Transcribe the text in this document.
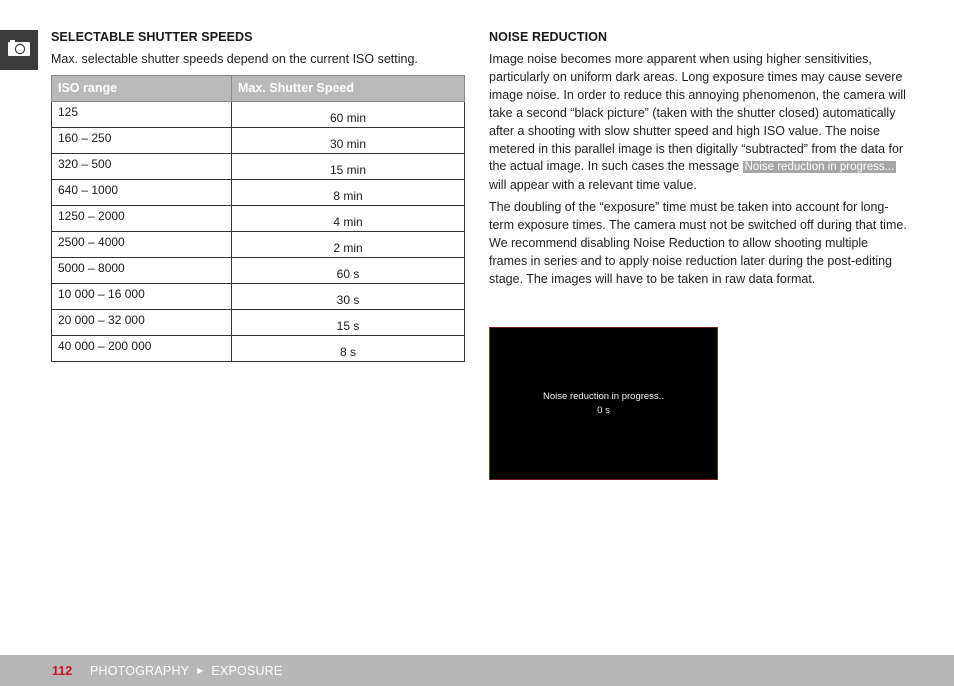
SELECTABLE SHUTTER SPEEDS

Max. selectable shutter speeds depend on the current ISO setting.

ISO range	Max. Shutter Speed
125	60 min
160 – 250	30 min
320 – 500	15 min
640 – 1000	8 min
1250 – 2000	4 min
2500 – 4000	2 min
5000 – 8000	60 s
10 000 – 16 000	30 s
20 000 – 32 000	15 s
40 000 – 200 000	8 s
NOISE REDUCTION

Image noise becomes more apparent when using higher sensitivities, particularly on uniform dark areas. Long exposure times may cause severe image noise. In order to reduce this annoying phenomenon, the camera will take a second “black picture” (taken with the shutter closed) automatically after a shooting with slow shutter speed and high ISO value. The noise metered in this parallel image is then digitally “subtracted” from the data for the actual image. In such cases the message Noise reduction in progress... will appear with a relevant time value.

The doubling of the “exposure” time must be taken into account for long-term exposure times. The camera must not be switched off during that time. We recommend disabling Noise Reduction to allow shooting multiple frames in series and to apply noise reduction later during the post-editing stage. The images will have to be taken in raw data format.

Noise reduction in progress..
0 s
112	PHOTOGRAPHY ▶ EXPOSURE
